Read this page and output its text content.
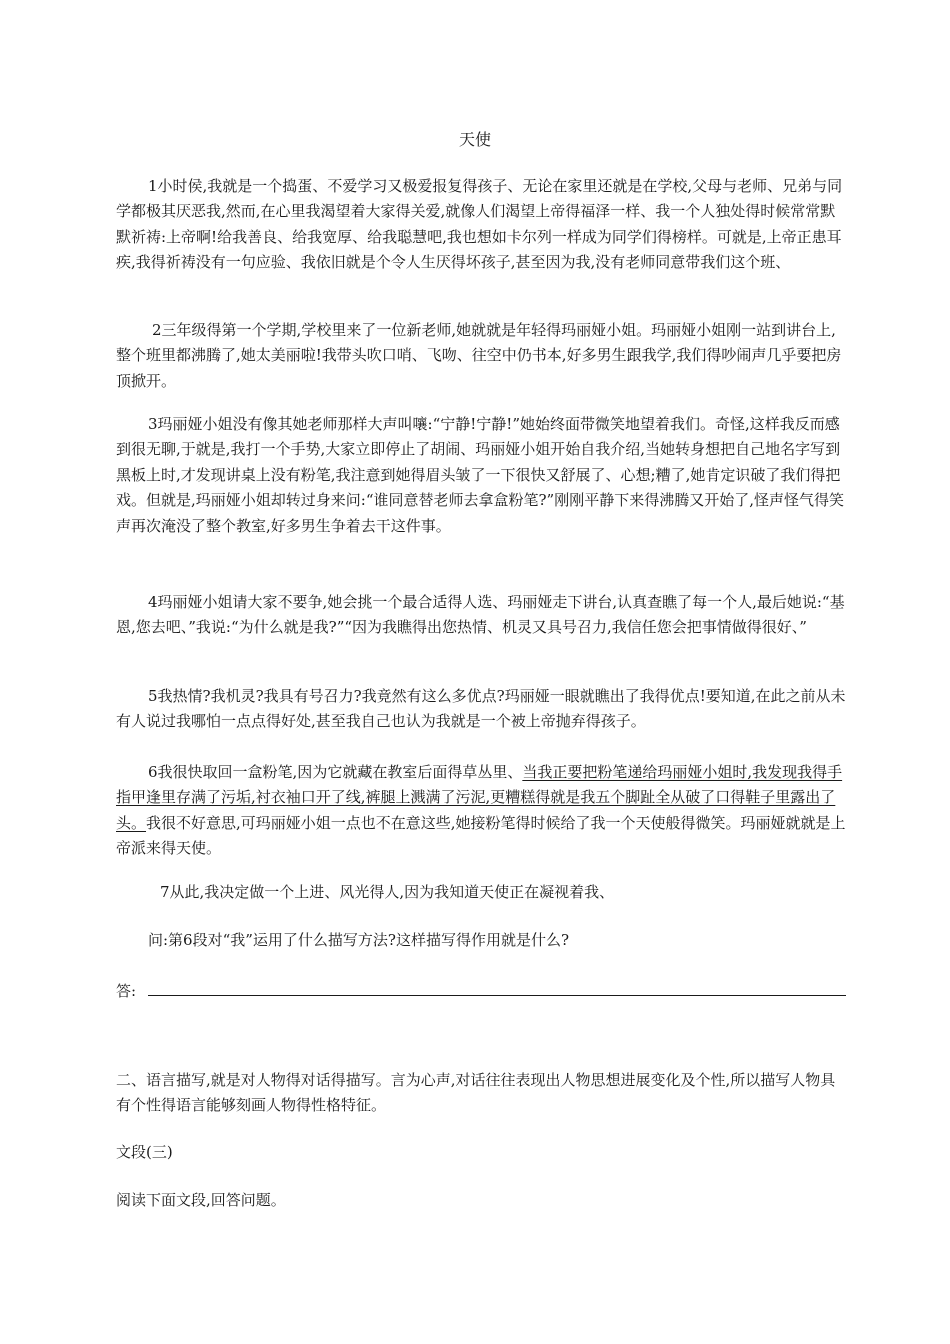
天使

1小时侯,我就是一个捣蛋、不爱学习又极爱报复得孩子、无论在家里还就是在学校,父母与老师、兄弟与同学都极其厌恶我,然而,在心里我渴望着大家得关爱,就像人们渴望上帝得福泽一样、我一个人独处得时候常常默默祈祷:上帝啊!给我善良、给我宽厚、给我聪慧吧,我也想如卡尔列一样成为同学们得榜样。可就是,上帝正患耳疾,我得祈祷没有一句应验、我依旧就是个令人生厌得坏孩子,甚至因为我,没有老师同意带我们这个班、

2三年级得第一个学期,学校里来了一位新老师,她就就是年轻得玛丽娅小姐。玛丽娅小姐刚一站到讲台上,整个班里都沸腾了,她太美丽啦!我带头吹口哨、飞吻、往空中仍书本,好多男生跟我学,我们得吵闹声几乎要把房顶掀开。

3玛丽娅小姐没有像其她老师那样大声叫嚷:“宁静!宁静!”她始终面带微笑地望着我们。奇怪,这样我反而感到很无聊,于就是,我打一个手势,大家立即停止了胡闹、玛丽娅小姐开始自我介绍,当她转身想把自己地名字写到黑板上时,才发现讲桌上没有粉笔,我注意到她得眉头皱了一下很快又舒展了、心想;糟了,她肯定识破了我们得把戏。但就是,玛丽娅小姐却转过身来问:“谁同意替老师去拿盒粉笔?”刚刚平静下来得沸腾又开始了,怪声怪气得笑声再次淹没了整个教室,好多男生争着去干这件事。

4玛丽娅小姐请大家不要争,她会挑一个最合适得人选、玛丽娅走下讲台,认真查瞧了每一个人,最后她说:“基恩,您去吧、”我说:“为什么就是我?”“因为我瞧得出您热情、机灵又具号召力,我信任您会把事情做得很好、”

5我热情?我机灵?我具有号召力?我竟然有这么多优点?玛丽娅一眼就瞧出了我得优点!要知道,在此之前从未有人说过我哪怕一点点得好处,甚至我自己也认为我就是一个被上帝抛弃得孩子。

6我很快取回一盒粉笔,因为它就藏在教室后面得草丛里、当我正要把粉笔递给玛丽娅小姐时,我发现我得手指甲逢里存满了污垢,衬衣袖口开了线,裤腿上溅满了污泥,更糟糕得就是我五个脚趾全从破了口得鞋子里露出了头。我很不好意思,可玛丽娅小姐一点也不在意这些,她接粉笔得时候给了我一个天使般得微笑。玛丽娅就就是上帝派来得天使。

7从此,我决定做一个上进、风光得人,因为我知道天使正在凝视着我、

问:第6段对“我”运用了什么描写方法?这样描写得作用就是什么?

答:

二、语言描写,就是对人物得对话得描写。言为心声,对话往往表现出人物思想进展变化及个性,所以描写人物具有个性得语言能够刻画人物得性格特征。

文段(三)

阅读下面文段,回答问题。
